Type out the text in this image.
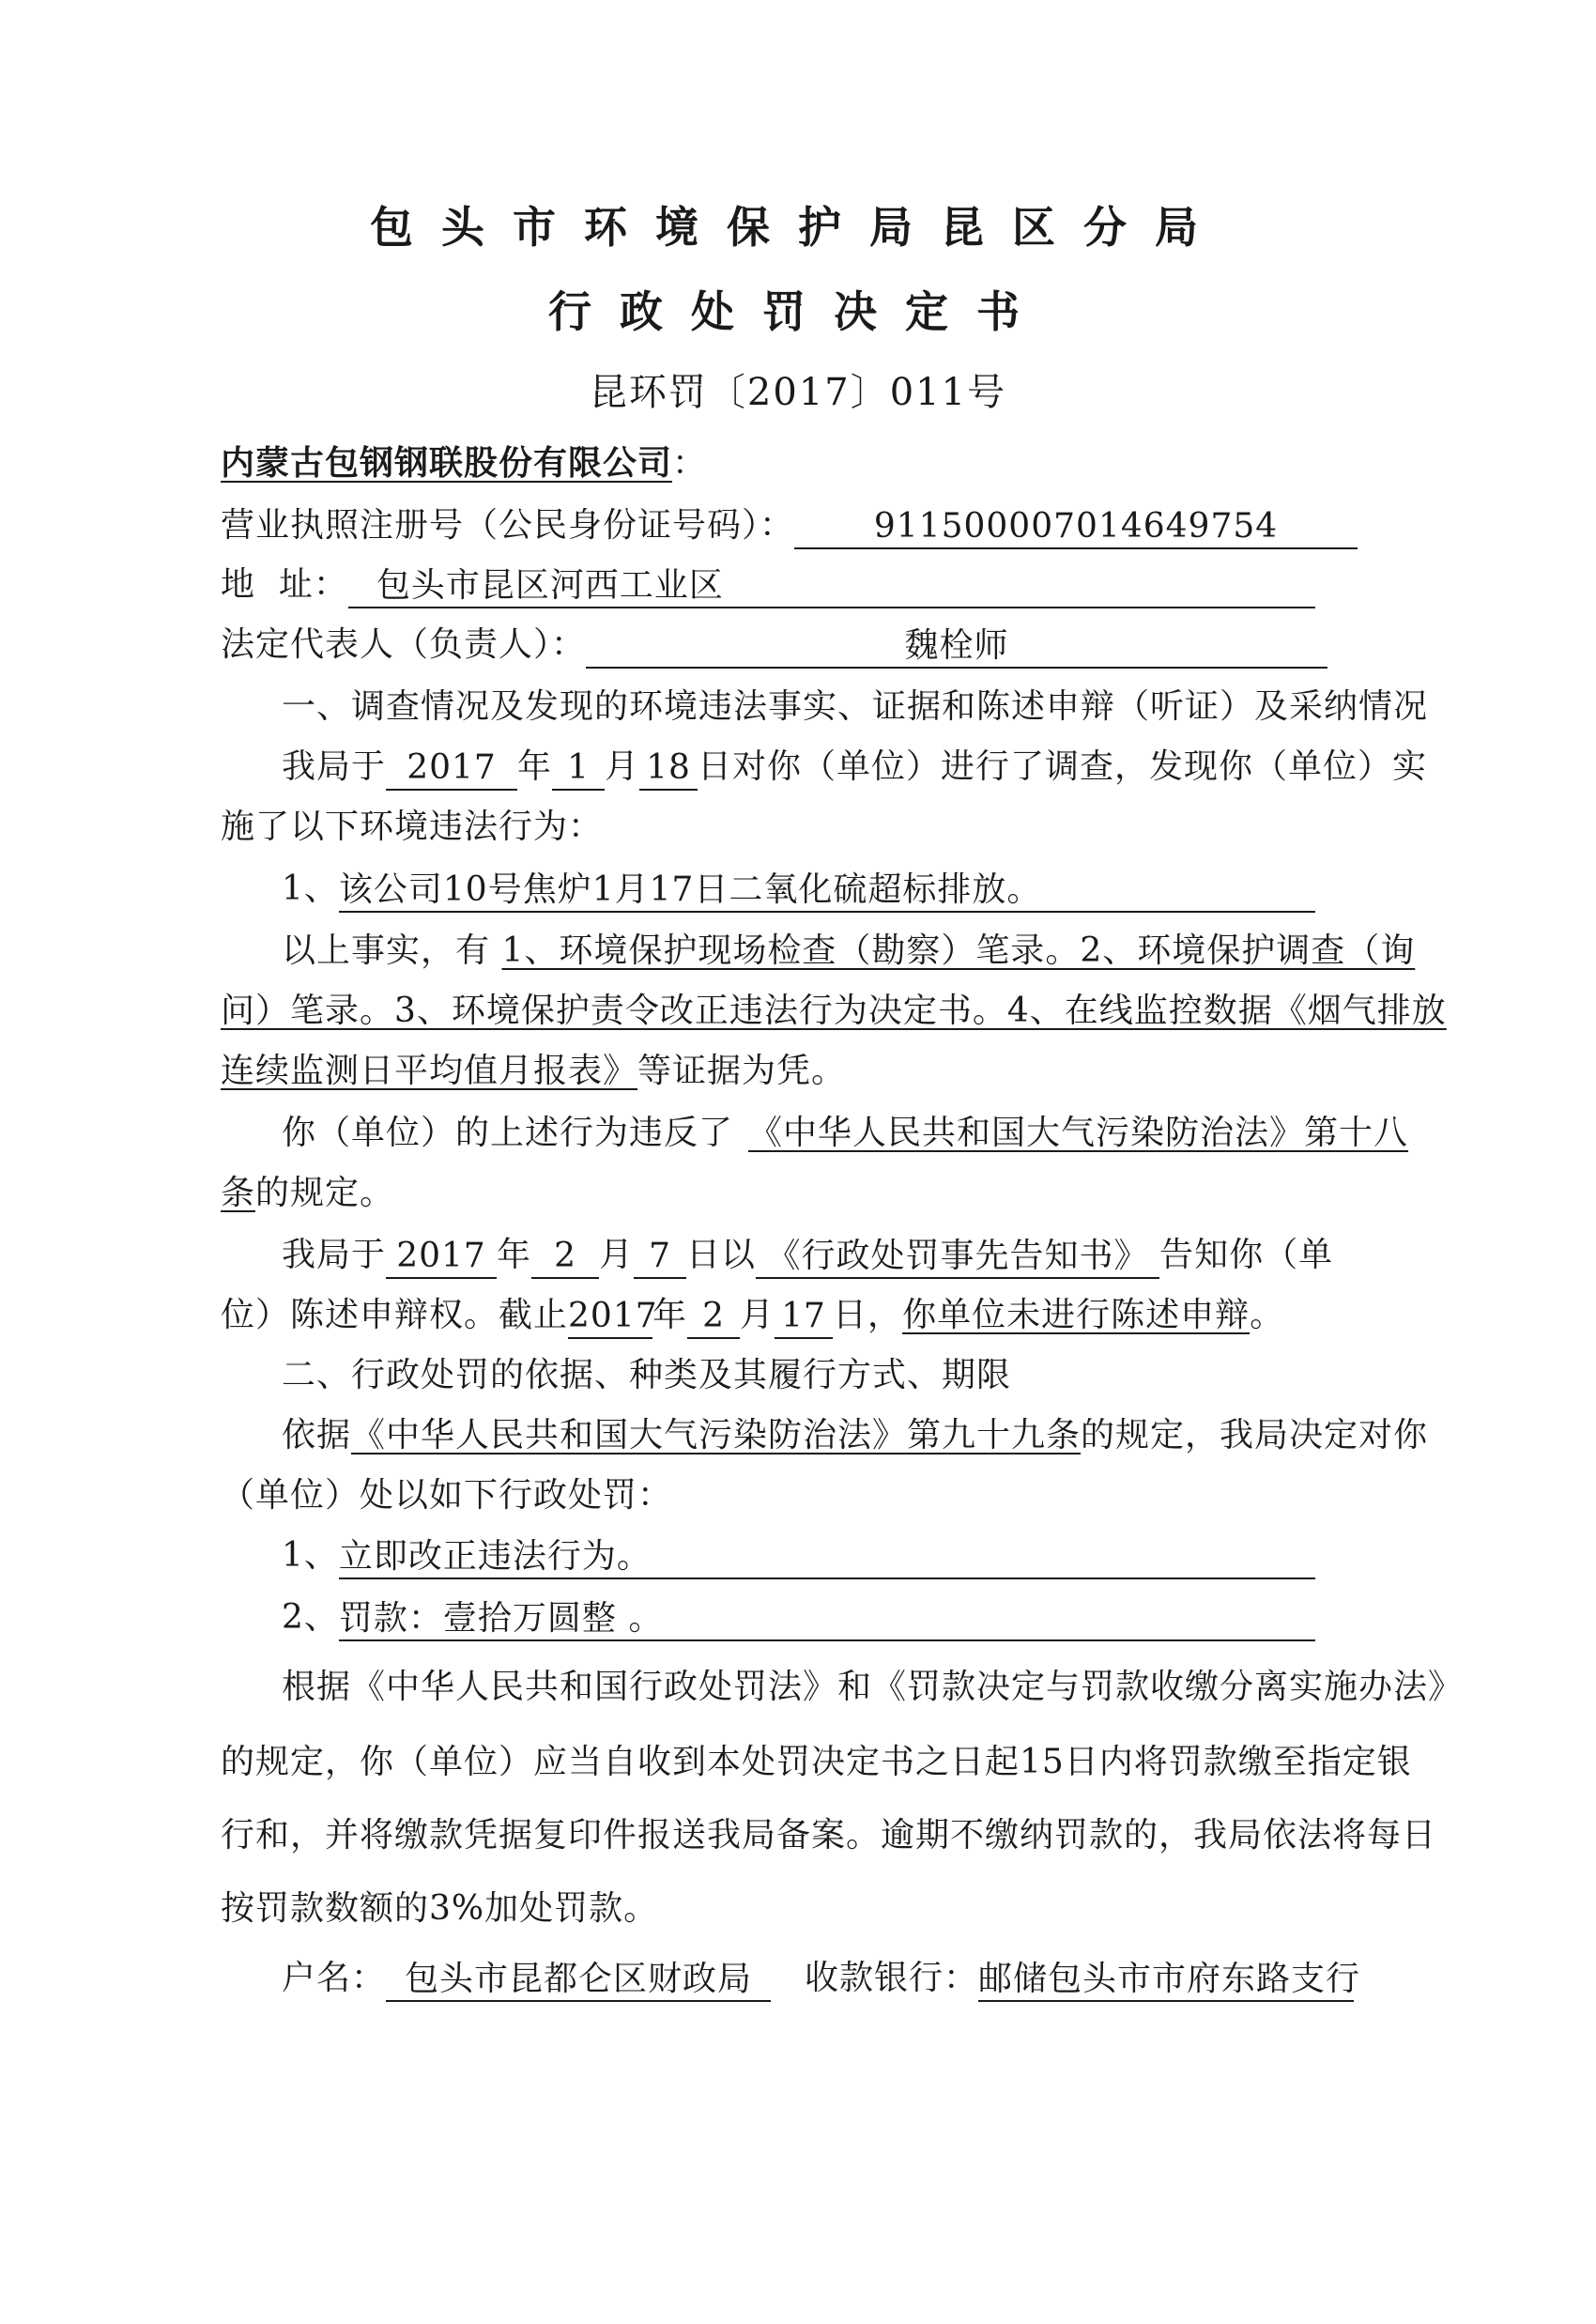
包头市环境保护局昆区分局
行政处罚决定书
昆环罚〔2017〕011号
内蒙古包钢钢联股份有限公司：
营业执照注册号（公民身份证号码）： 911500007014649754
地  址： 包头市昆区河西工业区
法定代表人（负责人）：	魏栓师
一、调查情况及发现的环境违法事实、证据和陈述申辩（听证）及采纳情况
我局于 2017 年 1 月 18 日对你（单位）进行了调查，发现你（单位）实
施了以下环境违法行为：
1、该公司10号焦炉1月17日二氧化硫超标排放。
以上事实，有 1、环境保护现场检查（勘察）笔录。2、环境保护调查（询
问）笔录。3、环境保护责令改正违法行为决定书。4、在线监控数据《烟气排放
连续监测日平均值月报表》等证据为凭。
你（单位）的上述行为违反了 《中华人民共和国大气污染防治法》第十八
条的规定。
我局于 2017 年 2 月 7 日以 《行政处罚事先告知书》 告知你（单
位）陈述申辩权。截止2017年 2 月 17 日，你单位未进行陈述申辩。
二、行政处罚的依据、种类及其履行方式、期限
依据《中华人民共和国大气污染防治法》第九十九条的规定，我局决定对你
（单位）处以如下行政处罚：
1、立即改正违法行为。
2、罚款：壹拾万圆整 。
根据《中华人民共和国行政处罚法》和《罚款决定与罚款收缴分离实施办法》
的规定，你（单位）应当自收到本处罚决定书之日起15日内将罚款缴至指定银
行和，并将缴款凭据复印件报送我局备案。逾期不缴纳罚款的，我局依法将每日
按罚款数额的3%加处罚款。
户名： 包头市昆都仑区财政局 收款银行：邮储包头市市府东路支行
